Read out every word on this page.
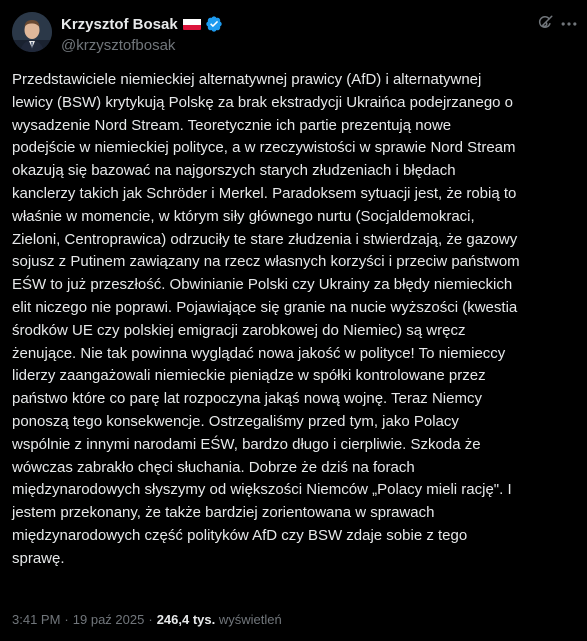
Krzysztof Bosak
@krzysztofbosak
Przedstawiciele niemieckiej alternatywnej prawicy (AfD) i alternatywnej
lewicy (BSW) krytykują Polskę za brak ekstradycji Ukraińca podejrzanego o
wysadzenie Nord Stream. Teoretycznie ich partie prezentują nowe
podejście w niemieckiej polityce, a w rzeczywistości w sprawie Nord Stream
okazują się bazować na najgorszych starych złudzeniach i błędach
kanclerzy takich jak Schröder i Merkel. Paradoksem sytuacji jest, że robią to
właśnie w momencie, w którym siły głównego nurtu (Socjaldemokraci,
Zieloni, Centroprawica) odrzuciły te stare złudzenia i stwierdzają, że gazowy
sojusz z Putinem zawiązany na rzecz własnych korzyści i przeciw państwom
EŚW to już przeszłość. Obwinianie Polski czy Ukrainy za błędy niemieckich
elit niczego nie poprawi. Pojawiające się granie na nucie wyższości (kwestia
środków UE czy polskiej emigracji zarobkowej do Niemiec) są wręcz
żenujące. Nie tak powinna wyglądać nowa jakość w polityce! To niemieccy
liderzy zaangażowali niemieckie pieniądze w spółki kontrolowane przez
państwo które co parę lat rozpoczyna jakąś nową wojnę. Teraz Niemcy
ponoszą tego konsekwencje. Ostrzegaliśmy przed tym, jako Polacy
wspólnie z innymi narodami EŚW, bardzo długo i cierpliwie. Szkoda że
wówczas zabrakło chęci słuchania. Dobrze że dziś na forach
międzynarodowych słyszymy od większości Niemców „Polacy mieli rację". I
jestem przekonany, że także bardziej zorientowana w sprawach
międzynarodowych część polityków AfD czy BSW zdaje sobie z tego
sprawę.
3:41 PM · 19 paź 2025 · 246,4 tys. wyświetleń
